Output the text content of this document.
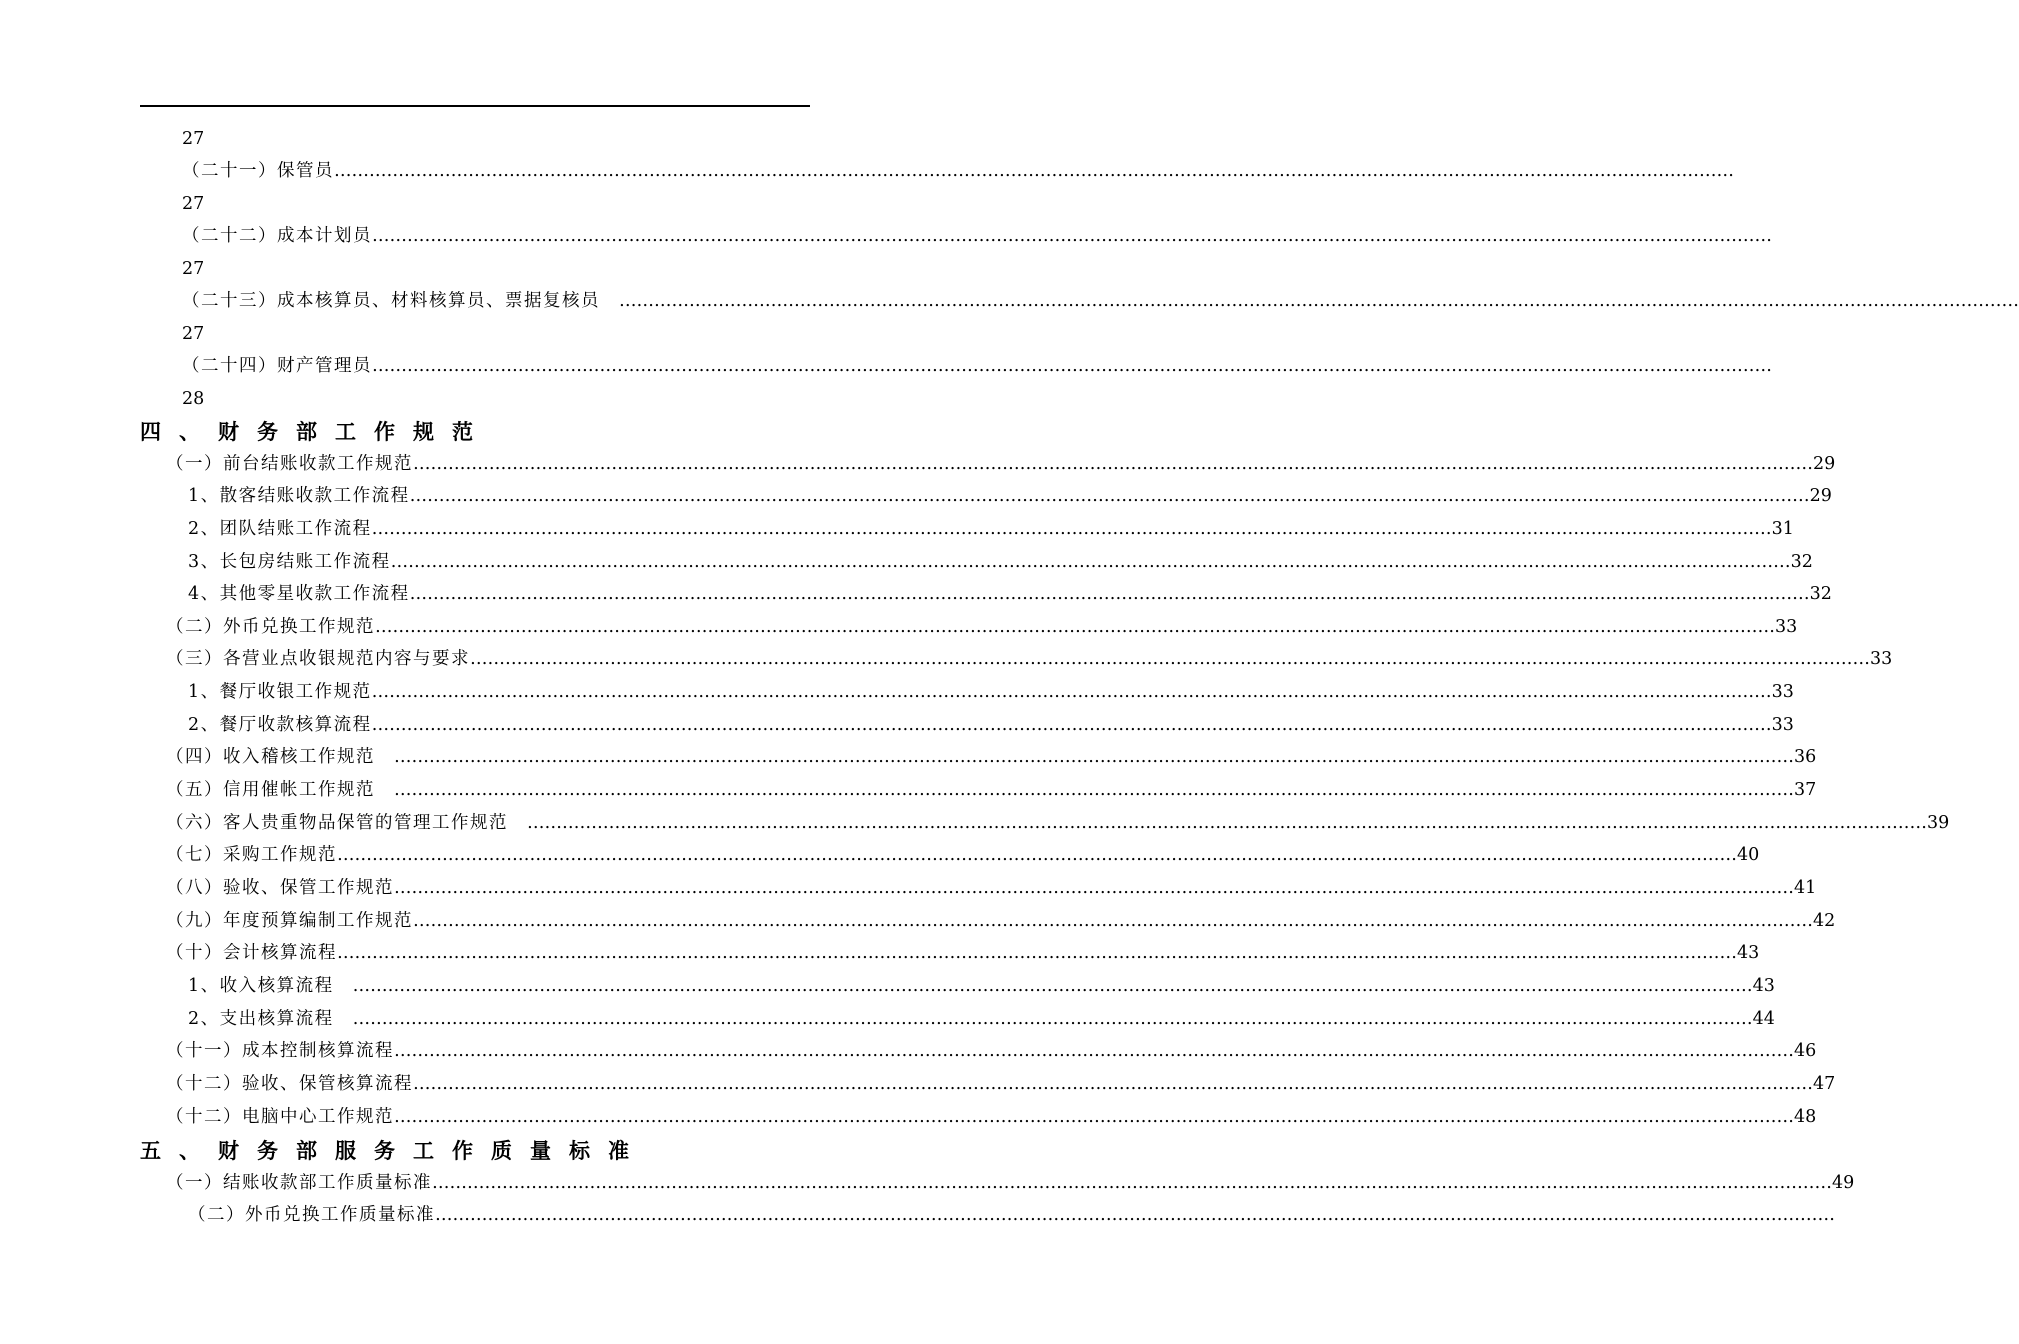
27
（二十一）保管员 ……………………………………………………………………………………………………………………………………………………………………………………………………………………
27
（二十二）成本计划员 ……………………………………………………………………………………………………………………………………………………………………………………………………………………
27
（二十三）成本核算员、材料核算员、票据复核员　 ……………………………………………………………………………………………………………………………………………………………………………………………………………………
27
（二十四）财产管理员 ……………………………………………………………………………………………………………………………………………………………………………………………………………………
28
四、财务部工作规范
（一）前台结账收款工作规范 …………………………………………………………………………………………………………………………………………………………………………………………………………………… 29
1、散客结账收款工作流程 …………………………………………………………………………………………………………………………………………………………………………………………………………………… 29
2、团队结账工作流程 …………………………………………………………………………………………………………………………………………………………………………………………………………………… 31
3、长包房结账工作流程 …………………………………………………………………………………………………………………………………………………………………………………………………………………… 32
4、其他零星收款工作流程 …………………………………………………………………………………………………………………………………………………………………………………………………………………… 32
（二）外币兑换工作规范 …………………………………………………………………………………………………………………………………………………………………………………………………………………… 33
（三）各营业点收银规范内容与要求 …………………………………………………………………………………………………………………………………………………………………………………………………………………… 33
1、餐厅收银工作规范 …………………………………………………………………………………………………………………………………………………………………………………………………………………… 33
2、餐厅收款核算流程 …………………………………………………………………………………………………………………………………………………………………………………………………………………… 33
（四）收入稽核工作规范　 …………………………………………………………………………………………………………………………………………………………………………………………………………………… 36
（五）信用催帐工作规范　 …………………………………………………………………………………………………………………………………………………………………………………………………………………… 37
（六）客人贵重物品保管的管理工作规范　 …………………………………………………………………………………………………………………………………………………………………………………………………………………… 39
（七）采购工作规范 …………………………………………………………………………………………………………………………………………………………………………………………………………………… 40
（八）验收、保管工作规范 …………………………………………………………………………………………………………………………………………………………………………………………………………………… 41
（九）年度预算编制工作规范 …………………………………………………………………………………………………………………………………………………………………………………………………………………… 42
（十）会计核算流程 …………………………………………………………………………………………………………………………………………………………………………………………………………………… 43
1、收入核算流程　 …………………………………………………………………………………………………………………………………………………………………………………………………………………… 43
2、支出核算流程　 …………………………………………………………………………………………………………………………………………………………………………………………………………………… 44
（十一）成本控制核算流程 …………………………………………………………………………………………………………………………………………………………………………………………………………………… 46
（十二）验收、保管核算流程 …………………………………………………………………………………………………………………………………………………………………………………………………………………… 47
（十二）电脑中心工作规范 …………………………………………………………………………………………………………………………………………………………………………………………………………………… 48
五、财务部服务工作质量标准
（一）结账收款部工作质量标准 …………………………………………………………………………………………………………………………………………………………………………………………………………………… 49
（二）外币兑换工作质量标准 ……………………………………………………………………………………………………………………………………………………………………………………………………………………
